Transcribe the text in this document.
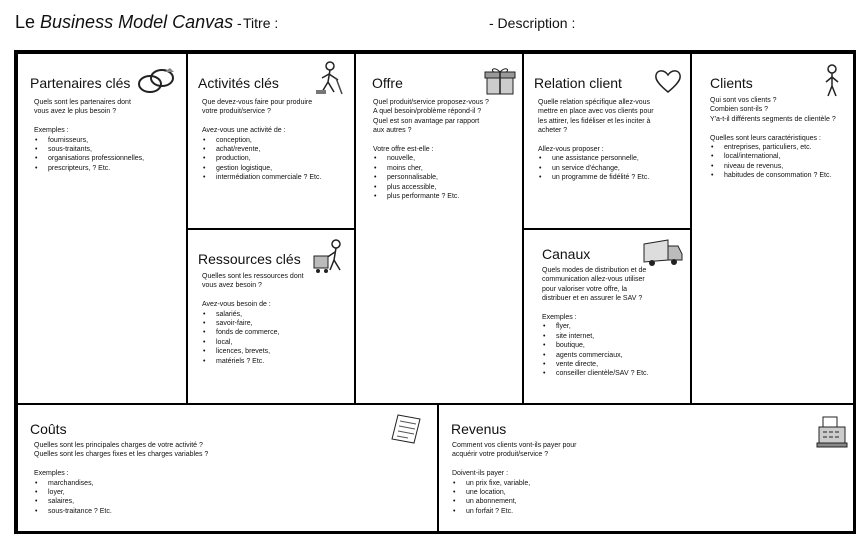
Le Business Model Canvas - Titre :	- Description :
Partenaires clés

Quels sont les partenaires dont

vous avez le plus besoin ?

Exemples :

• fournisseurs,
• sous-traitants,
• organisations professionnelles,
• prescripteurs, ? Etc.
Activités clés

Que devez-vous faire pour produire

votre produit/service ?

Avez-vous une activité de :

• conception,
• achat/revente,
• production,
• gestion logistique,
• intermédiation commerciale ? Etc.
Ressources clés

Quelles sont les ressources dont

vous avez besoin ?

Avez-vous besoin de :

• salariés,
• savoir-faire,
• fonds de commerce,
• local,
• licences, brevets,
• matériels ? Etc.
Offre

Quel produit/service proposez-vous ?

A quel besoin/problème répond-il ?

Quel est son avantage par rapport

aux autres ?

Votre offre est-elle :

• nouvelle,
• moins cher,
• personnalisable,
• plus accessible,
• plus performante ? Etc.
Relation client

Quelle relation spécifique allez-vous

mettre en place avec vos clients pour

les attirer, les fidéliser et les inciter à

acheter ?

Allez-vous proposer :

• une assistance personnelle,
• un service d'échange,
• un programme de fidélité ? Etc.
Canaux

Quels modes de distribution et de

communication allez-vous utiliser

pour valoriser votre offre, la

distribuer et en assurer le SAV ?

Exemples :

• flyer,
• site internet,
• boutique,
• agents commerciaux,
• vente directe,
• conseiller clientèle/SAV ? Etc.
Clients

Qui sont vos clients ?

Combien sont-ils ?

Y'a-t-il différents segments de clientèle ?

Quelles sont leurs caractéristiques :

• entreprises, particuliers, etc.
• local/international,
• niveau de revenus,
• habitudes de consommation ? Etc.
Coûts

Quelles sont les principales charges de votre activité ?

Quelles sont les charges fixes et les charges variables ?

Exemples :

• marchandises,
• loyer,
• salaires,
• sous-traitance ? Etc.
Revenus

Comment vos clients vont-ils payer pour

acquérir votre produit/service ?

Doivent-ils payer :

• un prix fixe, variable,
• une location,
• un abonnement,
• un forfait ? Etc.
